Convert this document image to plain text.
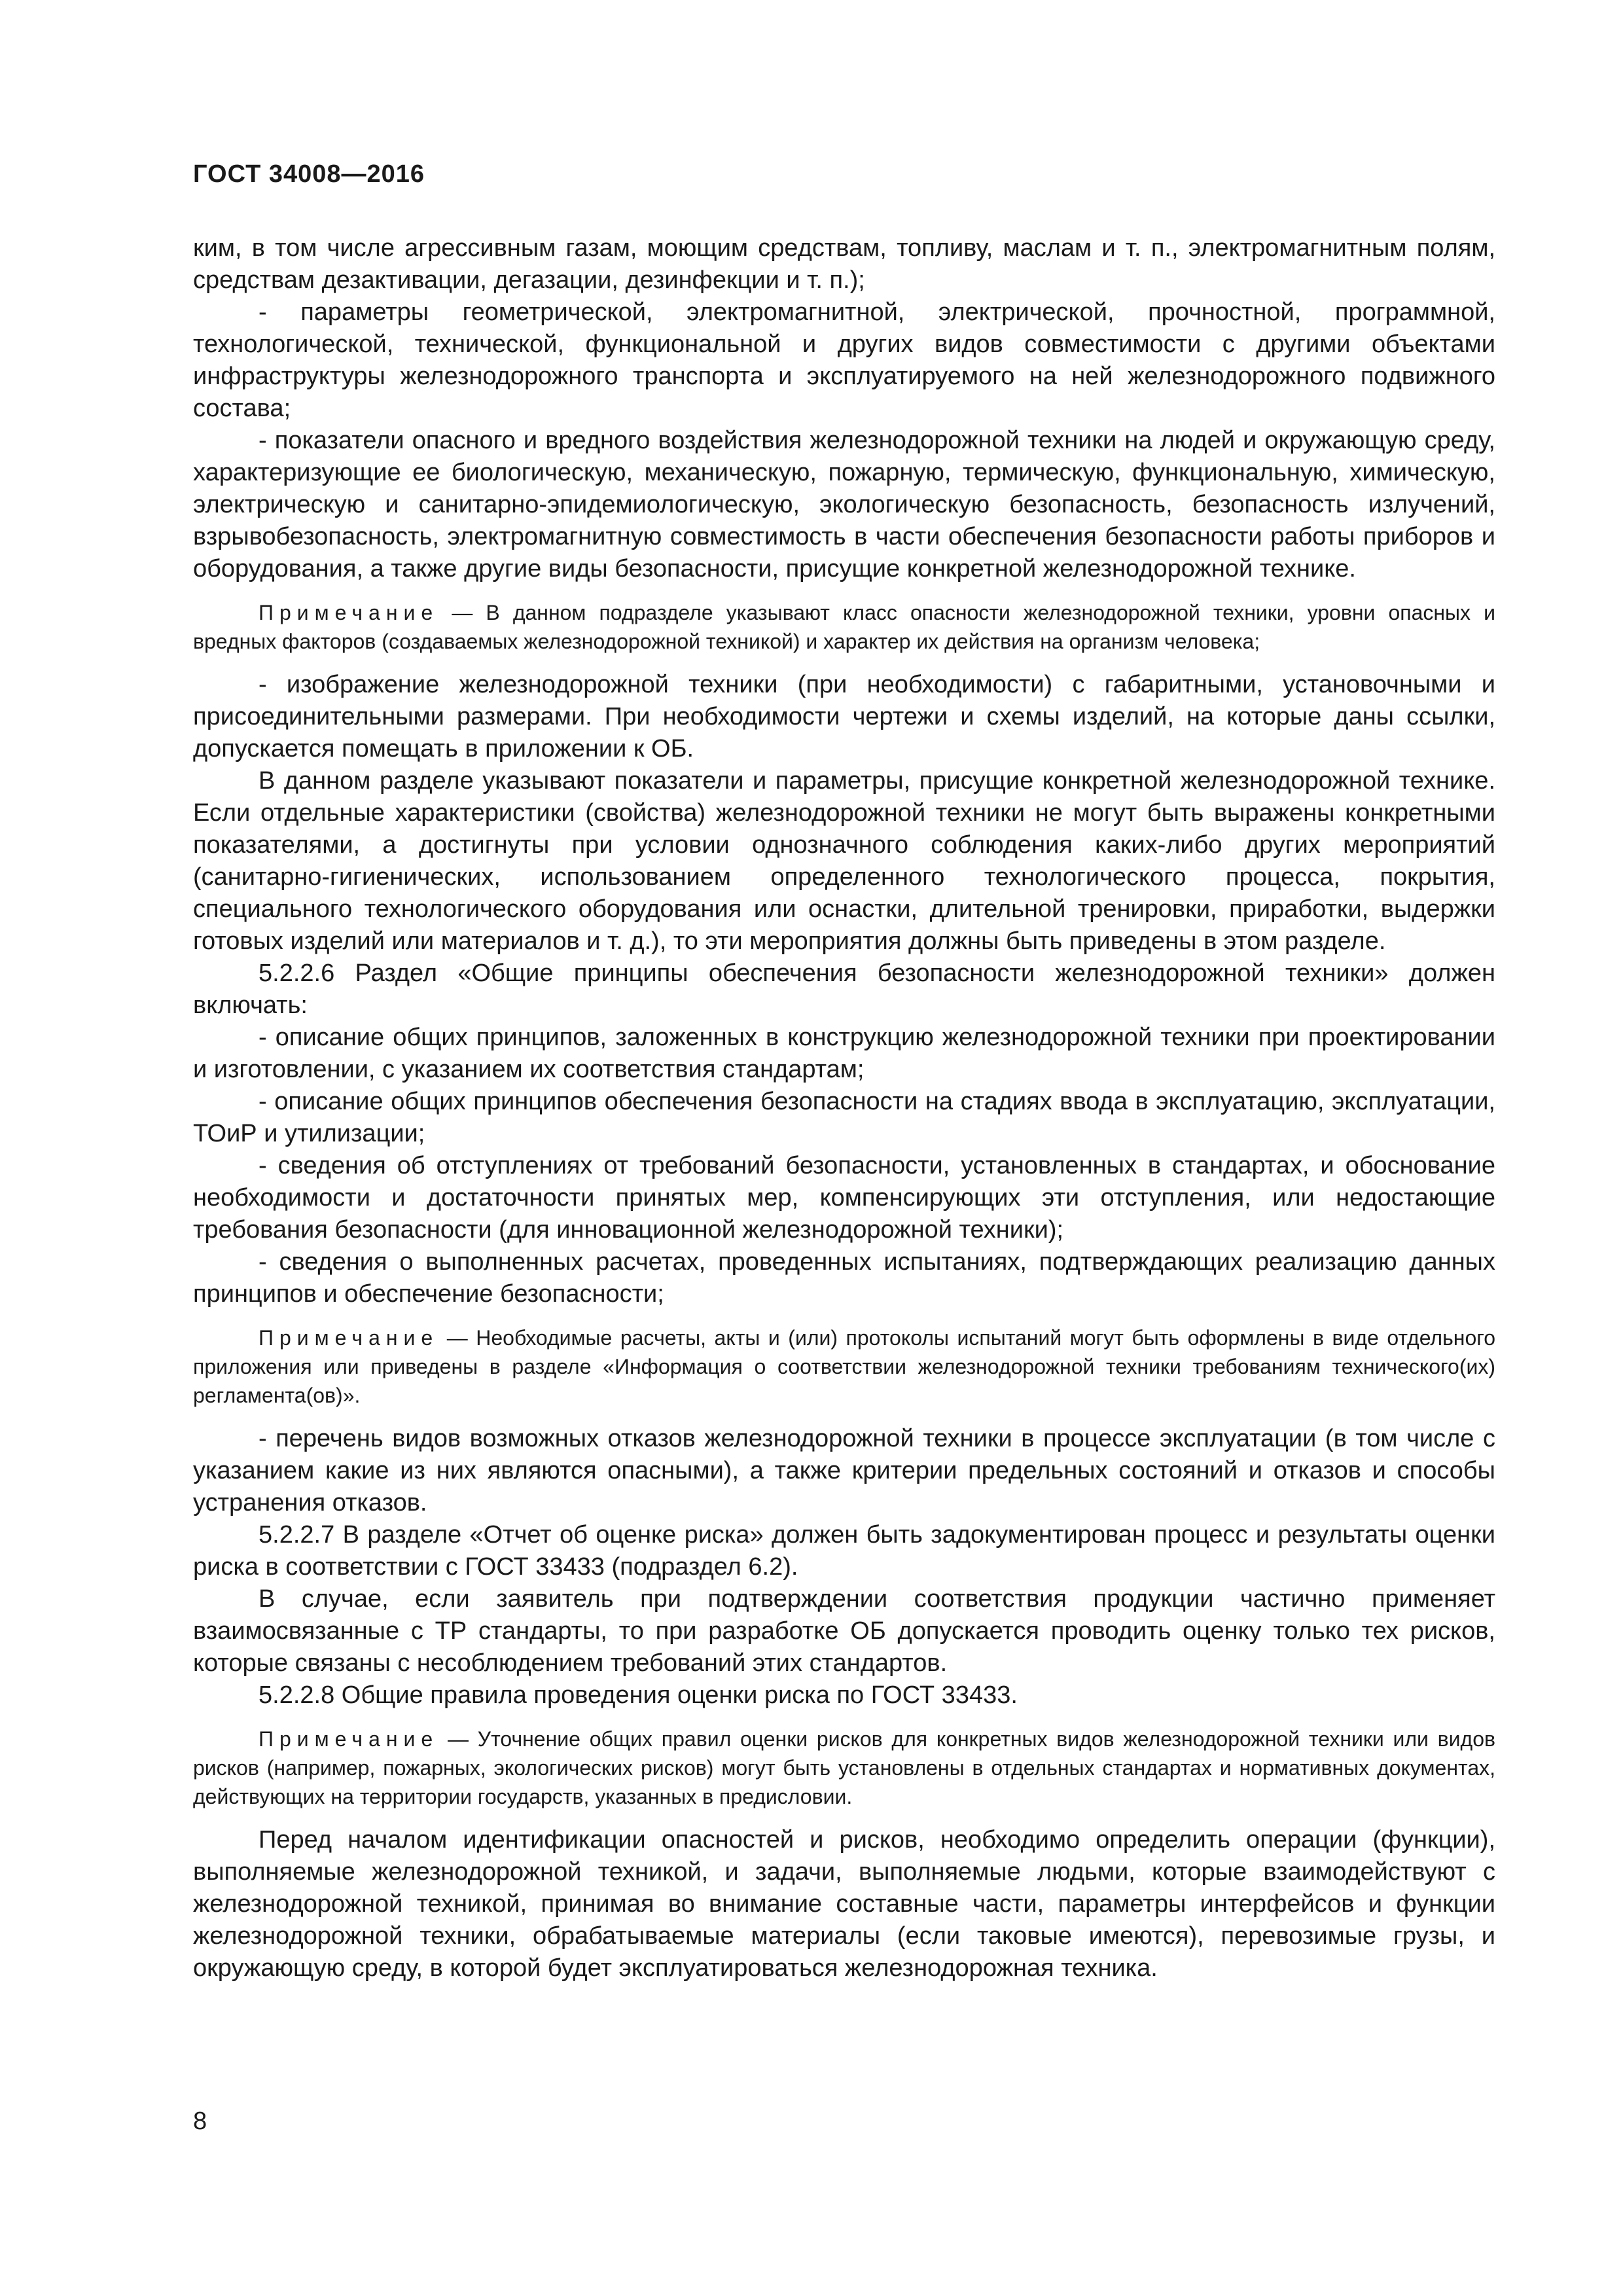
ГОСТ 34008—2016

ким, в том числе агрессивным газам, моющим средствам, топливу, маслам и т. п., электромагнитным полям, средствам дезактивации, дегазации, дезинфекции и т. п.);

- параметры геометрической, электромагнитной, электрической, прочностной, программной, технологической, технической, функциональной и других видов совместимости с другими объектами инфраструктуры железнодорожного транспорта и эксплуатируемого на ней железнодорожного подвижного состава;

- показатели опасного и вредного воздействия железнодорожной техники на людей и окружающую среду, характеризующие ее биологическую, механическую, пожарную, термическую, функциональную, химическую, электрическую и санитарно-эпидемиологическую, экологическую безопасность, безопасность излучений, взрывобезопасность, электромагнитную совместимость в части обеспечения безопасности работы приборов и оборудования, а также другие виды безопасности, присущие конкретной железнодорожной технике.

Примечание — В данном подразделе указывают класс опасности железнодорожной техники, уровни опасных и вредных факторов (создаваемых железнодорожной техникой) и характер их действия на организм человека;

- изображение железнодорожной техники (при необходимости) с габаритными, установочными и присоединительными размерами. При необходимости чертежи и схемы изделий, на которые даны ссылки, допускается помещать в приложении к ОБ.

В данном разделе указывают показатели и параметры, присущие конкретной железнодорожной технике. Если отдельные характеристики (свойства) железнодорожной техники не могут быть выражены конкретными показателями, а достигнуты при условии однозначного соблюдения каких-либо других мероприятий (санитарно-гигиенических, использованием определенного технологического процесса, покрытия, специального технологического оборудования или оснастки, длительной тренировки, приработки, выдержки готовых изделий или материалов и т. д.), то эти мероприятия должны быть приведены в этом разделе.

5.2.2.6 Раздел «Общие принципы обеспечения безопасности железнодорожной техники» должен включать:

- описание общих принципов, заложенных в конструкцию железнодорожной техники при проектировании и изготовлении, с указанием их соответствия стандартам;

- описание общих принципов обеспечения безопасности на стадиях ввода в эксплуатацию, эксплуатации, ТОиР и утилизации;

- сведения об отступлениях от требований безопасности, установленных в стандартах, и обоснование необходимости и достаточности принятых мер, компенсирующих эти отступления, или недостающие требования безопасности (для инновационной железнодорожной техники);

- сведения о выполненных расчетах, проведенных испытаниях, подтверждающих реализацию данных принципов и обеспечение безопасности;

Примечание — Необходимые расчеты, акты и (или) протоколы испытаний могут быть оформлены в виде отдельного приложения или приведены в разделе «Информация о соответствии железнодорожной техники требованиям технического(их) регламента(ов)».

- перечень видов возможных отказов железнодорожной техники в процессе эксплуатации (в том числе с указанием какие из них являются опасными), а также критерии предельных состояний и отказов и способы устранения отказов.

5.2.2.7 В разделе «Отчет об оценке риска» должен быть задокументирован процесс и результаты оценки риска в соответствии с ГОСТ 33433 (подраздел 6.2).

В случае, если заявитель при подтверждении соответствия продукции частично применяет взаимосвязанные с ТР стандарты, то при разработке ОБ допускается проводить оценку только тех рисков, которые связаны с несоблюдением требований этих стандартов.

5.2.2.8 Общие правила проведения оценки риска по ГОСТ 33433.

Примечание — Уточнение общих правил оценки рисков для конкретных видов железнодорожной техники или видов рисков (например, пожарных, экологических рисков) могут быть установлены в отдельных стандартах и нормативных документах, действующих на территории государств, указанных в предисловии.

Перед началом идентификации опасностей и рисков, необходимо определить операции (функции), выполняемые железнодорожной техникой, и задачи, выполняемые людьми, которые взаимодействуют с железнодорожной техникой, принимая во внимание составные части, параметры интерфейсов и функции железнодорожной техники, обрабатываемые материалы (если таковые имеются), перевозимые грузы, и окружающую среду, в которой будет эксплуатироваться железнодорожная техника.

8
